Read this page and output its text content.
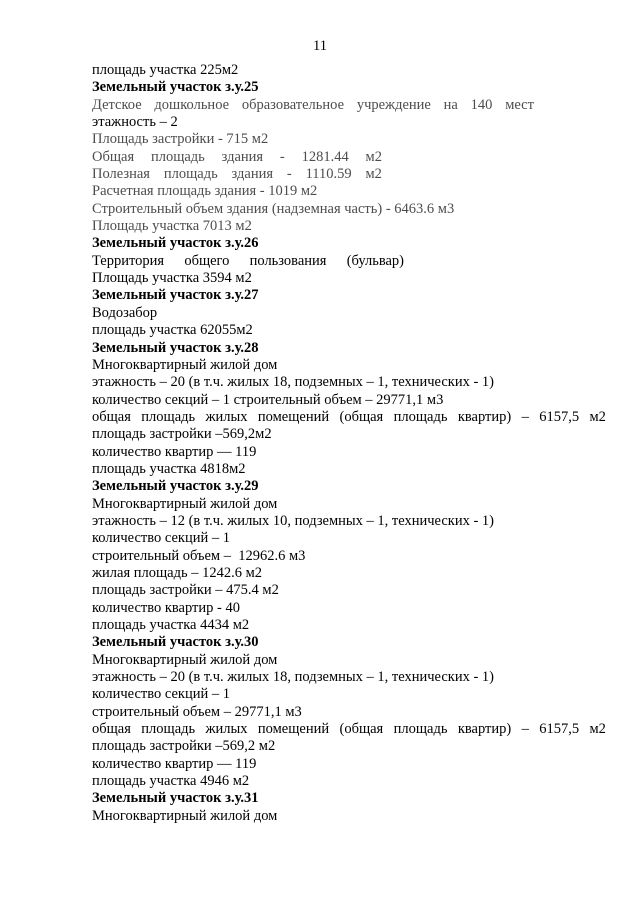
11
площадь участка 225м2
Земельный участок з.у.25
Детское дошкольное образовательное учреждение на 140 мест
этажность – 2
Площадь застройки - 715 м2
Общая площадь здания - 1281.44 м2
Полезная площадь здания - 1110.59 м2
Расчетная площадь здания - 1019 м2
Строительный объем здания (надземная часть) - 6463.6 м3
Площадь участка 7013 м2
Земельный участок з.у.26
Территория общего пользования (бульвар)
Площадь участка 3594 м2
Земельный участок з.у.27
Водозабор
площадь участка 62055м2
Земельный участок з.у.28
Многоквартирный жилой дом
этажность – 20 (в т.ч. жилых 18, подземных – 1, технических - 1)
количество секций – 1 строительный объем – 29771,1 м3
общая площадь жилых помещений (общая площадь квартир) – 6157,5 м2
площадь застройки –569,2м2
количество квартир — 119
площадь участка 4818м2
Земельный участок з.у.29
Многоквартирный жилой дом
этажность – 12 (в т.ч. жилых 10, подземных – 1, технических - 1)
количество секций – 1
строительный объем –  12962.6 м3
жилая площадь – 1242.6 м2
площадь застройки – 475.4 м2
количество квартир - 40
площадь участка 4434 м2
Земельный участок з.у.30
Многоквартирный жилой дом
этажность – 20 (в т.ч. жилых 18, подземных – 1, технических - 1)
количество секций – 1
строительный объем – 29771,1 м3
общая площадь жилых помещений (общая площадь квартир) – 6157,5 м2
площадь застройки –569,2 м2
количество квартир — 119
площадь участка 4946 м2
Земельный участок з.у.31
Многоквартирный жилой дом
